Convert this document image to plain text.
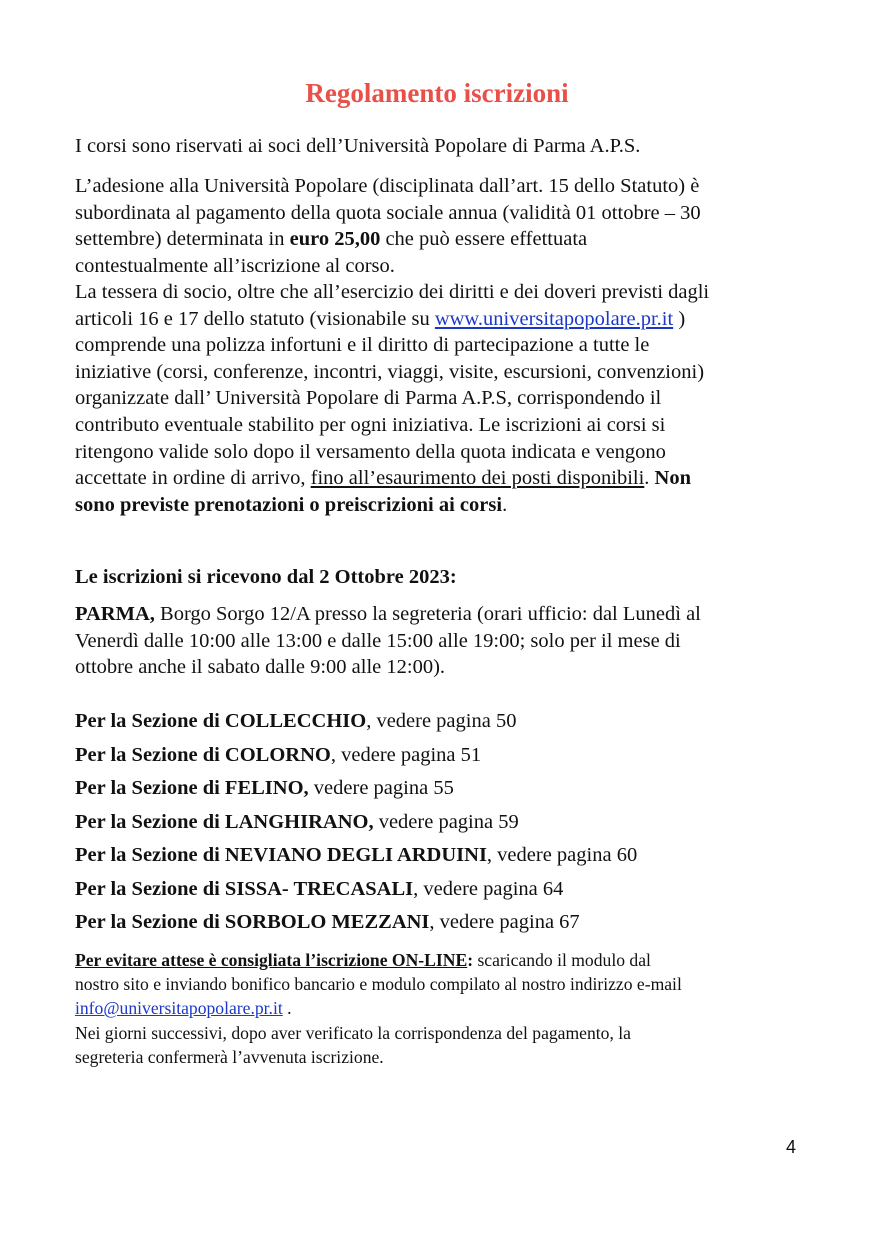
Regolamento iscrizioni
I corsi sono riservati ai soci dell’Università Popolare di Parma A.P.S.
L’adesione alla Università Popolare (disciplinata dall’art. 15 dello Statuto) è
subordinata al pagamento della quota sociale annua (validità 01 ottobre – 30
settembre) determinata in euro 25,00 che può essere effettuata
contestualmente all’iscrizione al corso.
La tessera di socio, oltre che all’esercizio dei diritti e dei doveri previsti dagli
articoli 16 e 17 dello statuto (visionabile su www.universitapopolare.pr.it )
comprende una polizza infortuni e il diritto di partecipazione a tutte le
iniziative (corsi, conferenze, incontri, viaggi, visite, escursioni, convenzioni)
organizzate dall’ Università Popolare di Parma A.P.S, corrispondendo il
contributo eventuale stabilito per ogni iniziativa. Le iscrizioni ai corsi si
ritengono valide solo dopo il versamento della quota indicata e vengono
accettate in ordine di arrivo, fino all’esaurimento dei posti disponibili. Non
sono previste prenotazioni o preiscrizioni ai corsi.
Le iscrizioni si ricevono dal 2 Ottobre 2023:
PARMA, Borgo Sorgo 12/A presso la segreteria (orari ufficio: dal Lunedì al
Venerdì dalle 10:00 alle 13:00 e dalle 15:00 alle 19:00; solo per il mese di
ottobre anche il sabato dalle 9:00 alle 12:00).
Per la Sezione di COLLECCHIO, vedere pagina 50
Per la Sezione di COLORNO, vedere pagina 51
Per la Sezione di FELINO, vedere pagina 55
Per la Sezione di LANGHIRANO, vedere pagina 59
Per la Sezione di NEVIANO DEGLI ARDUINI, vedere pagina 60
Per la Sezione di SISSA- TRECASALI, vedere pagina 64
Per la Sezione di SORBOLO MEZZANI, vedere pagina 67
Per evitare attese è consigliata l’iscrizione ON-LINE: scaricando il modulo dal
nostro sito e inviando bonifico bancario e modulo compilato al nostro indirizzo e-mail
info@universitapopolare.pr.it .
Nei giorni successivi, dopo aver verificato la corrispondenza del pagamento, la
segreteria confermerà l’avvenuta iscrizione.
4
